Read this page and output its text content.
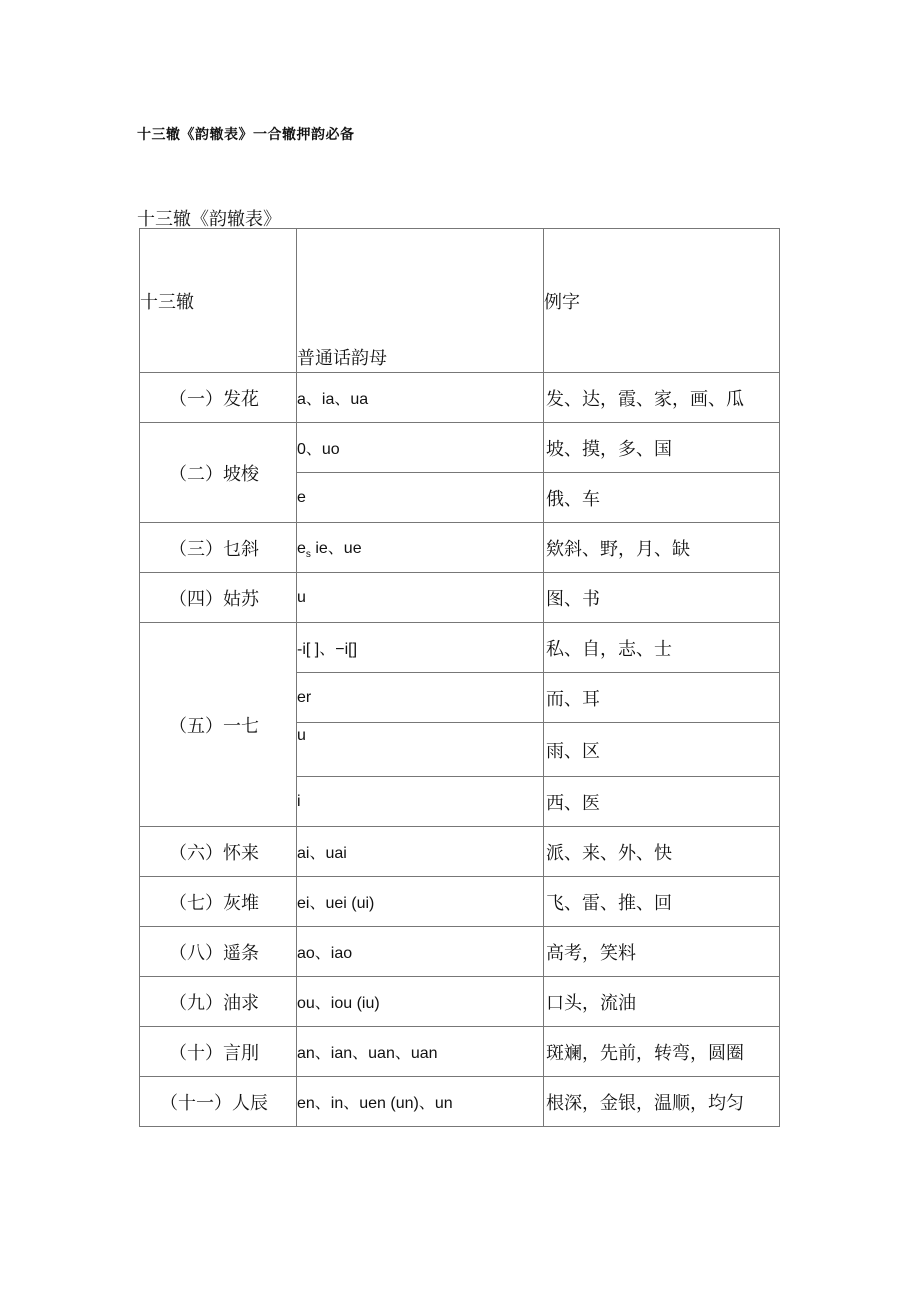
十三辙《韵辙表》一合辙押韵必备
十三辙《韵辙表》
十三辙	普通话韵母	例字
（一）发花	a、ia、ua	发、达，霞、家，画、瓜
（二）坡梭	0、uo	坡、摸，多、国
	e	俄、车
（三）乜斜	$e_s$ ie、ue	欸斜、野，月、缺
（四）姑苏	u	图、书
（五）一七	-i[ ]、−i[]	私、自，志、士
	er	而、耳
	u	雨、区
	i	西、医
（六）怀来	ai、uai	派、来、外、快
（七）灰堆	ei、uei (ui)	飞、雷、推、回
（八）遥条	ao、iao	高考，笑料
（九）油求	ou、iou (iu)	口头，流油
（十）言刖	an、ian、uan、uan	斑斓，先前，转弯，圆圈
（十一）人辰	en、in、uen (un)、un	根深，金银，温顺，均匀
